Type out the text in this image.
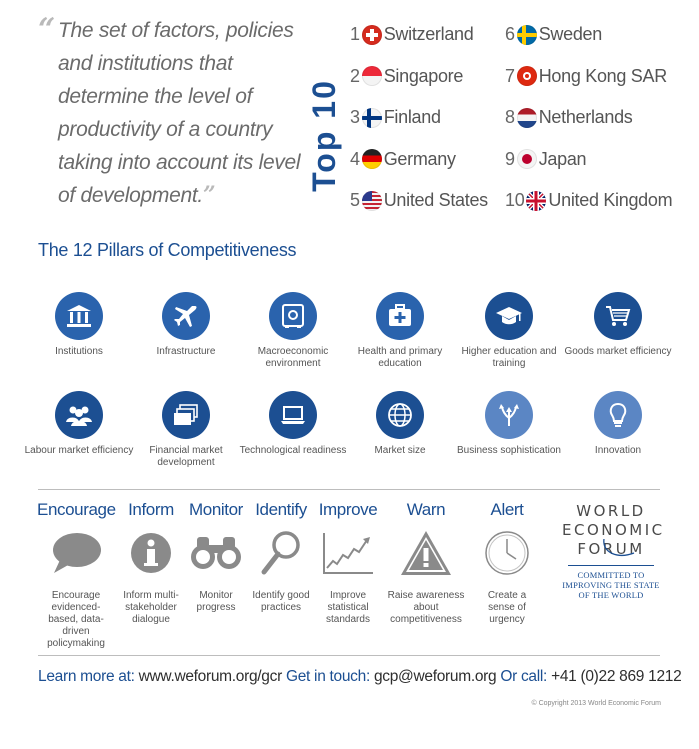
“ The set of factors, policies and institutions that determine the level of productivity of a country taking into account its level of development.”
Top 10
1 Switzerland
2 Singapore
3 Finland
4 Germany
5 United States
6 Sweden
7 Hong Kong SAR
8 Netherlands
9 Japan
10 United Kingdom
The 12 Pillars of Competitiveness
Institutions	Infrastructure	Macroeconomic environment
Health and primary education
Higher education and training
Goods market efficiency
Labour market efficiency	Financial market development
Technological readiness	Market size	Business sophistication	Innovation
Encourage
Encourage evidenced-based, data-driven policymaking
Inform
Inform multi-stakeholder dialogue
Monitor
Monitor progress
Identify
Identify good practices
Improve
Improve statistical standards
Warn
Raise awareness about competitiveness
Alert
Create a sense of urgency
WORLD
ECONOMIC
FORUM
COMMITTED TO
IMPROVING THE STATE
OF THE WORLD
Learn more at: www.weforum.org/gcr Get in touch: gcp@weforum.org Or call: +41 (0)22 869 1212
© Copyright 2013 World Economic Forum
